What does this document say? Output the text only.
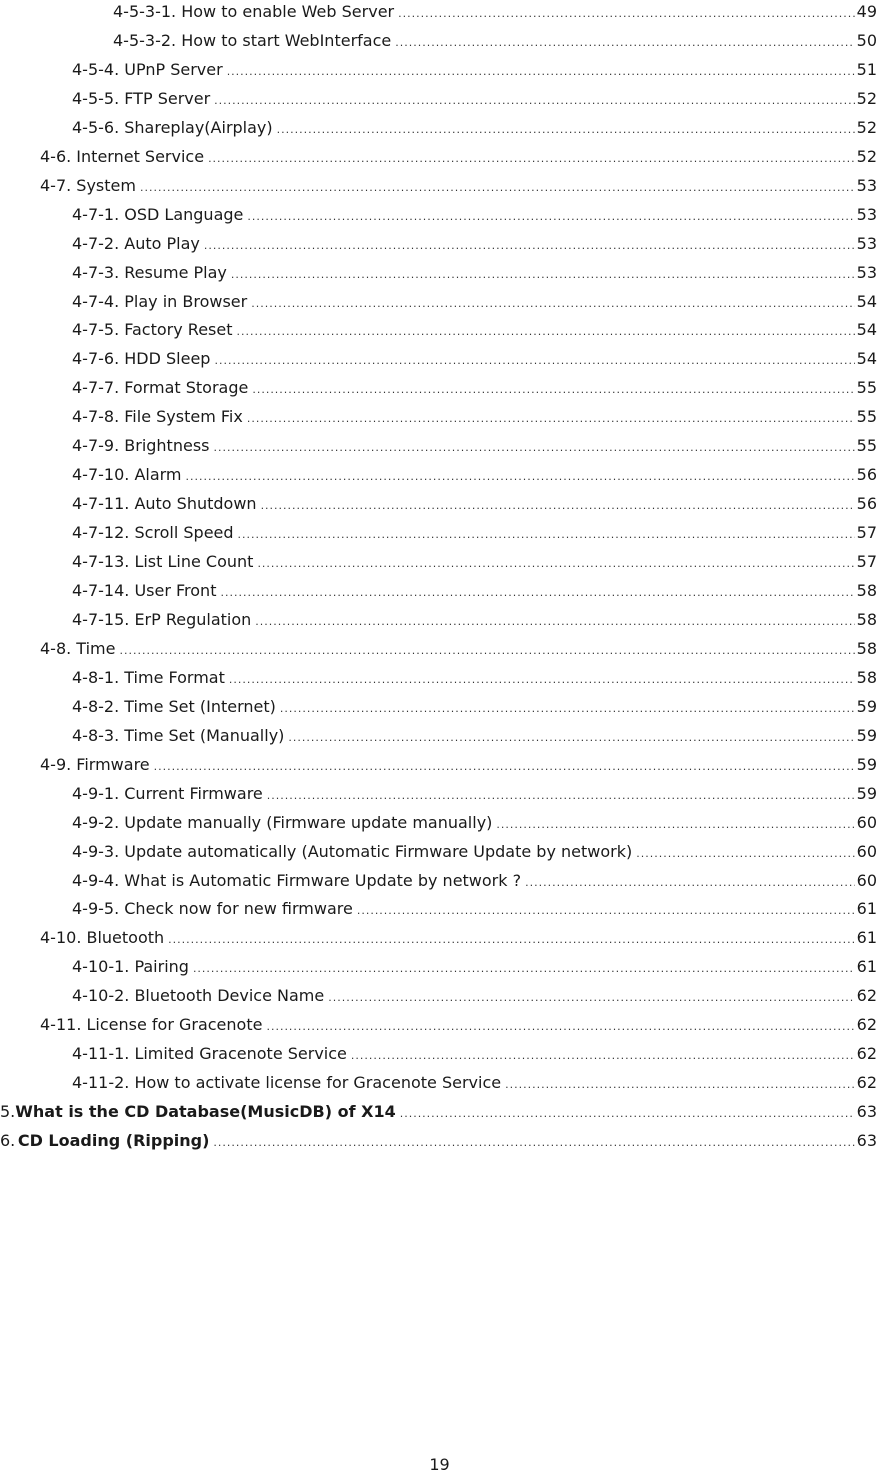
4-5-3-1. How to enable Web Server .....	49
4-5-3-2. How to start WebInterface .....	50
4-5-4. UPnP Server .....	51
4-5-5. FTP Server .....	52
4-5-6. Shareplay(Airplay) .....	52
4-6. Internet Service .....	52
4-7. System .....	53
4-7-1. OSD Language .....	53
4-7-2. Auto Play .....	53
4-7-3. Resume Play .....	53
4-7-4. Play in Browser .....	54
4-7-5. Factory Reset .....	54
4-7-6. HDD Sleep .....	54
4-7-7. Format Storage .....	55
4-7-8. File System Fix .....	55
4-7-9. Brightness .....	55
4-7-10. Alarm .....	56
4-7-11. Auto Shutdown .....	56
4-7-12. Scroll Speed .....	57
4-7-13. List Line Count .....	57
4-7-14. User Front .....	58
4-7-15. ErP Regulation .....	58
4-8. Time .....	58
4-8-1. Time Format .....	58
4-8-2. Time Set (Internet) .....	59
4-8-3. Time Set (Manually) .....	59
4-9. Firmware .....	59
4-9-1. Current Firmware .....	59
4-9-2. Update manually (Firmware update manually) .....	60
4-9-3. Update automatically (Automatic Firmware Update by network) .....	60
4-9-4. What is Automatic Firmware Update by network ? .....	60
4-9-5. Check now for new firmware .....	61
4-10. Bluetooth .....	61
4-10-1. Pairing .....	61
4-10-2. Bluetooth Device Name .....	62
4-11. License for Gracenote .....	62
4-11-1. Limited Gracenote Service .....	62
4-11-2. How to activate license for Gracenote Service .....	62
5. What is the CD Database(MusicDB) of X14 .....	63
6. CD Loading (Ripping) .....	63
19
